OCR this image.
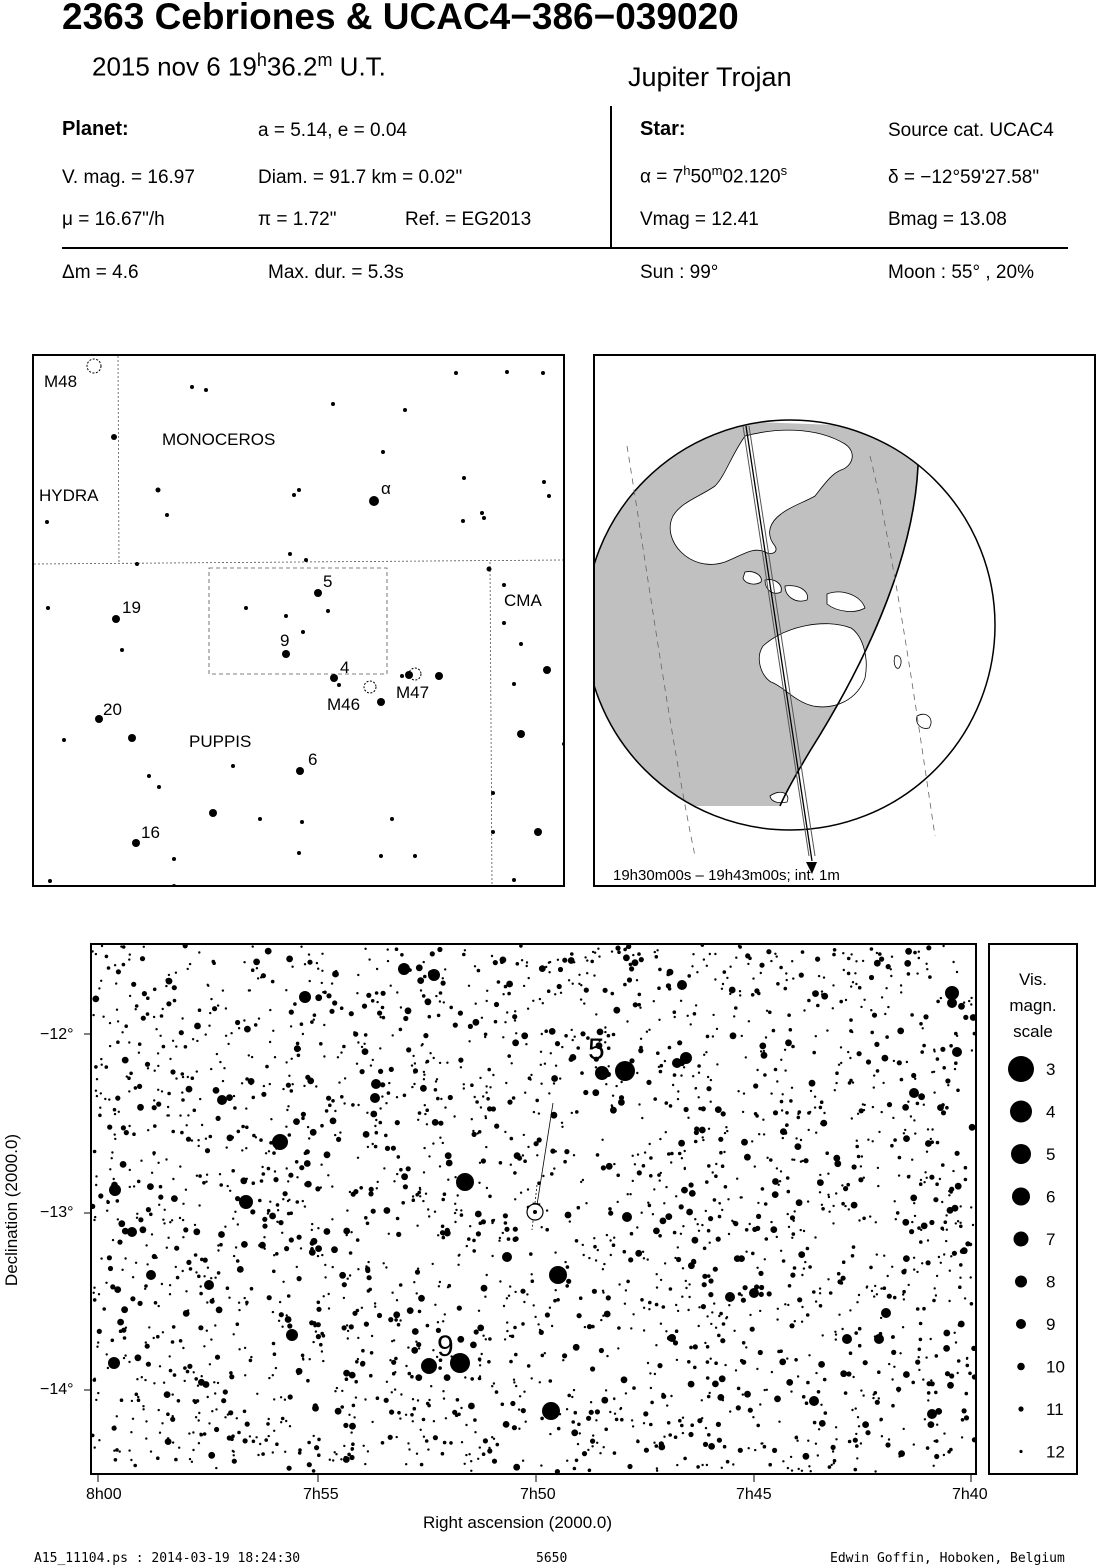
2363 Cebriones & UCAC4−386−039020
2015 nov 6 19$^h$36.2$^m$ U.T.	Jupiter Trojan
Planet:	a = 5.14, e = 0.04
V. mag. = 16.97	Diam. = 91.7 km = 0.02"
μ = 16.67"/h	π = 1.72"	Ref. = EG2013
Star:	Source cat. UCAC4
$\alpha = 7^h50^m02.120^s$	δ = −12°59'27.58"
Vmag = 12.41	Bmag = 13.08
Δm = 4.6	Max. dur. = 5.3s	Sun : 99°	Moon : 55° , 20%
MONOCEROS
HYDRA
CMA
PUPPIS
M48
M46
M47
α
5
19
9
4
20
6
16
19h30m00s – 19h43m00s; int. 1m
5
9
8h00	7h55	7h50	7h45	7h40
Right ascension (2000.0)
−12°
−13°
−14°
Declination (2000.0)
Vis.
magn.
scale
3
4
5
6
7
8
9
10
11
12
A15_11104.ps : 2014-03-19 18:24:30	5650	Edwin Goffin, Hoboken, Belgium
